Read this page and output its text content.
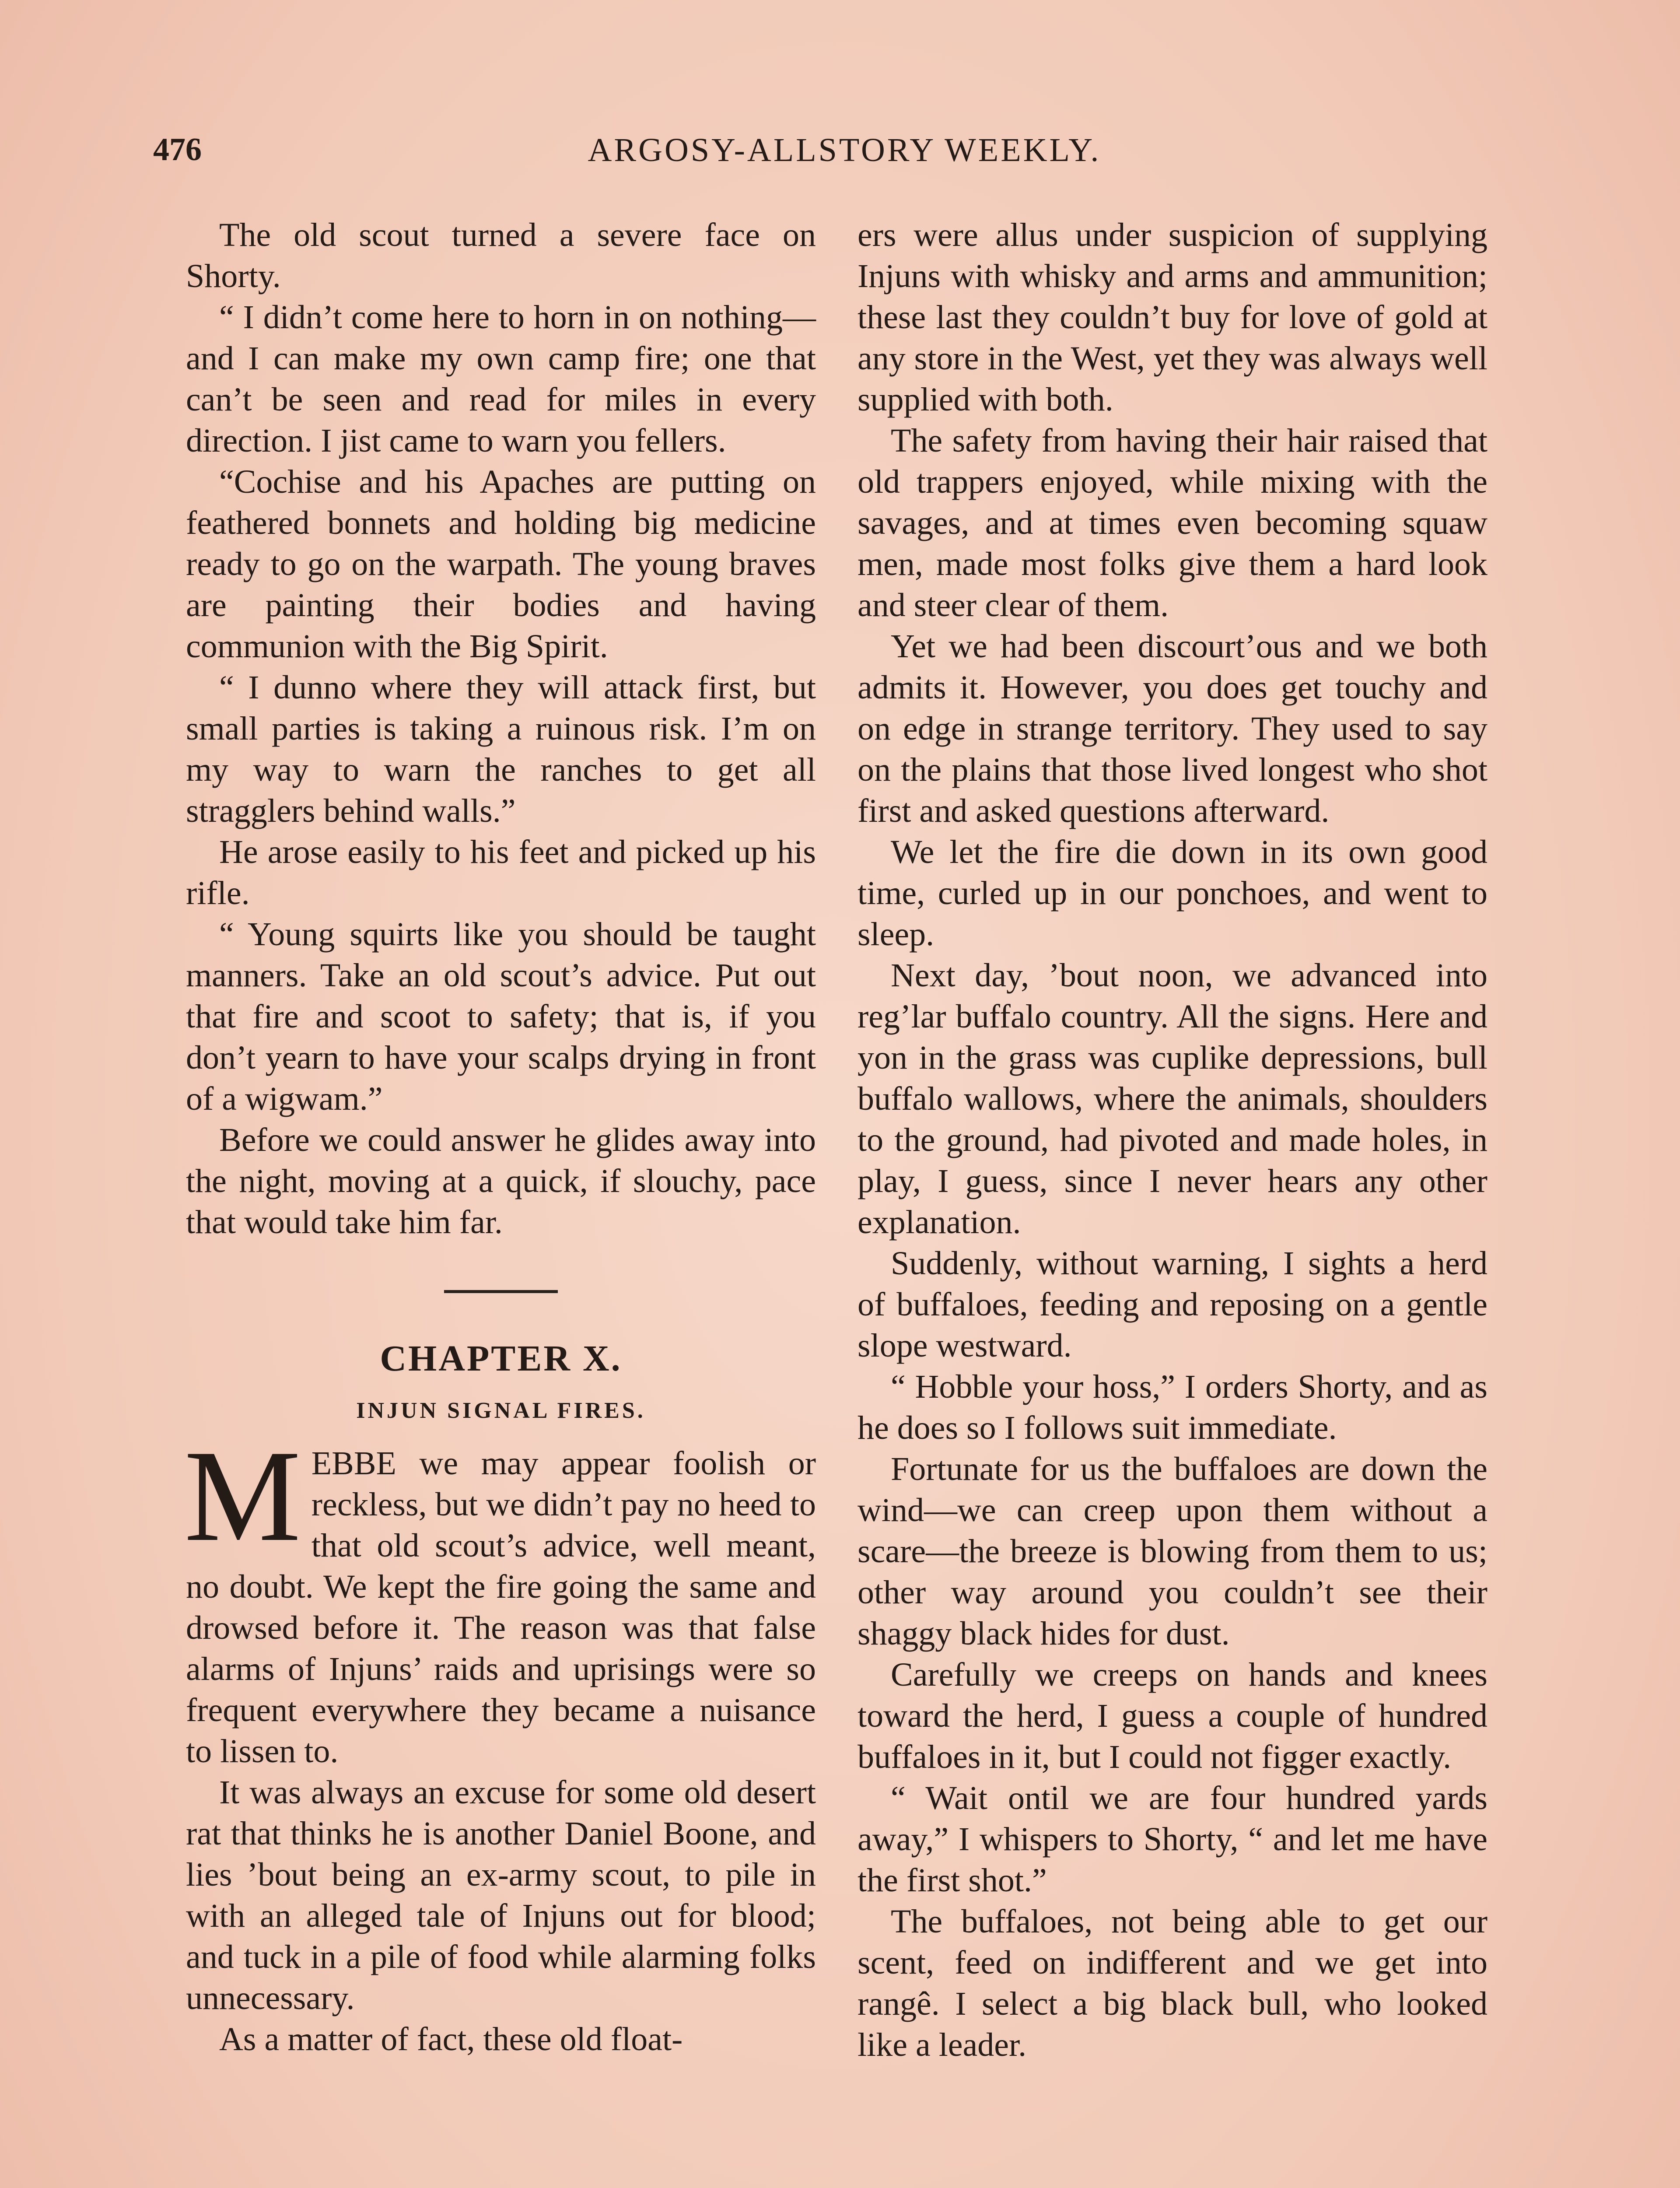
476	ARGOSY-ALLSTORY WEEKLY.

The old scout turned a severe face on Shorty.

“ I didn’t come here to horn in on nothing—and I can make my own camp fire; one that can’t be seen and read for miles in every direction. I jist came to warn you fellers.

“Cochise and his Apaches are putting on feathered bonnets and holding big medicine ready to go on the warpath. The young braves are painting their bodies and having communion with the Big Spirit.

“ I dunno where they will attack first, but small parties is taking a ruinous risk. I’m on my way to warn the ranches to get all stragglers behind walls.”

He arose easily to his feet and picked up his rifle.

“ Young squirts like you should be taught manners. Take an old scout’s advice. Put out that fire and scoot to safety; that is, if you don’t yearn to have your scalps drying in front of a wigwam.”

Before we could answer he glides away into the night, moving at a quick, if slouchy, pace that would take him far.

CHAPTER X.
INJUN SIGNAL FIRES.

MEBBE we may appear foolish or reckless, but we didn’t pay no heed to that old scout’s advice, well meant, no doubt. We kept the fire going the same and drowsed before it. The reason was that false alarms of Injuns’ raids and uprisings were so frequent everywhere they became a nuisance to lissen to.

It was always an excuse for some old desert rat that thinks he is another Daniel Boone, and lies ’bout being an ex-army scout, to pile in with an alleged tale of Injuns out for blood; and tuck in a pile of food while alarming folks unnecessary.

As a matter of fact, these old float-

ers were allus under suspicion of supplying Injuns with whisky and arms and ammunition; these last they couldn’t buy for love of gold at any store in the West, yet they was always well supplied with both.

The safety from having their hair raised that old trappers enjoyed, while mixing with the savages, and at times even becoming squaw men, made most folks give them a hard look and steer clear of them.

Yet we had been discourt’ous and we both admits it. However, you does get touchy and on edge in strange territory. They used to say on the plains that those lived longest who shot first and asked questions afterward.

We let the fire die down in its own good time, curled up in our ponchoes, and went to sleep.

Next day, ’bout noon, we advanced into reg’lar buffalo country. All the signs. Here and yon in the grass was cuplike depressions, bull buffalo wallows, where the animals, shoulders to the ground, had pivoted and made holes, in play, I guess, since I never hears any other explanation.

Suddenly, without warning, I sights a herd of buffaloes, feeding and reposing on a gentle slope westward.

“ Hobble your hoss,” I orders Shorty, and as he does so I follows suit immediate.

Fortunate for us the buffaloes are down the wind—we can creep upon them without a scare—the breeze is blowing from them to us; other way around you couldn’t see their shaggy black hides for dust.

Carefully we creeps on hands and knees toward the herd, I guess a couple of hundred buffaloes in it, but I could not figger exactly.

“ Wait ontil we are four hundred yards away,” I whispers to Shorty, “ and let me have the first shot.”

The buffaloes, not being able to get our scent, feed on indifferent and we get into rangê. I select a big black bull, who looked like a leader.
